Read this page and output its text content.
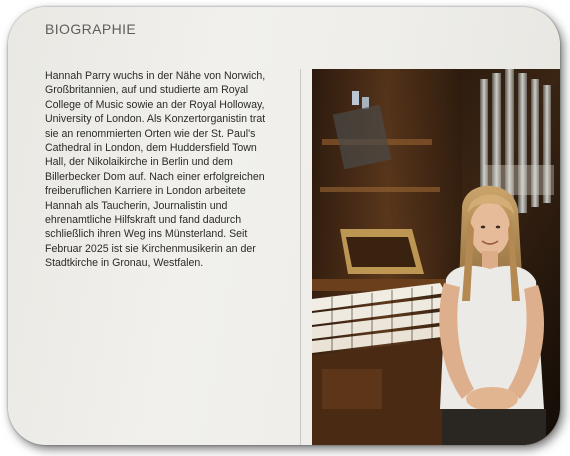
BIOGRAPHIE

Hannah Parry wuchs in der Nähe von Norwich, Großbritannien, auf und studierte am Royal College of Music sowie an der Royal Holloway, University of London. Als Konzertorganistin trat sie an renommierten Orten wie der St. Paul's Cathedral in London, dem Huddersfield Town Hall, der Nikolaikirche in Berlin und dem Billerbecker Dom auf. Nach einer erfolgreichen freiberuflichen Karriere in London arbeitete Hannah als Taucherin, Journalistin und ehrenamtliche Hilfskraft und fand dadurch schließlich ihren Weg ins Münsterland. Seit Februar 2025 ist sie Kirchenmusikerin an der Stadtkirche in Gronau, Westfalen.
